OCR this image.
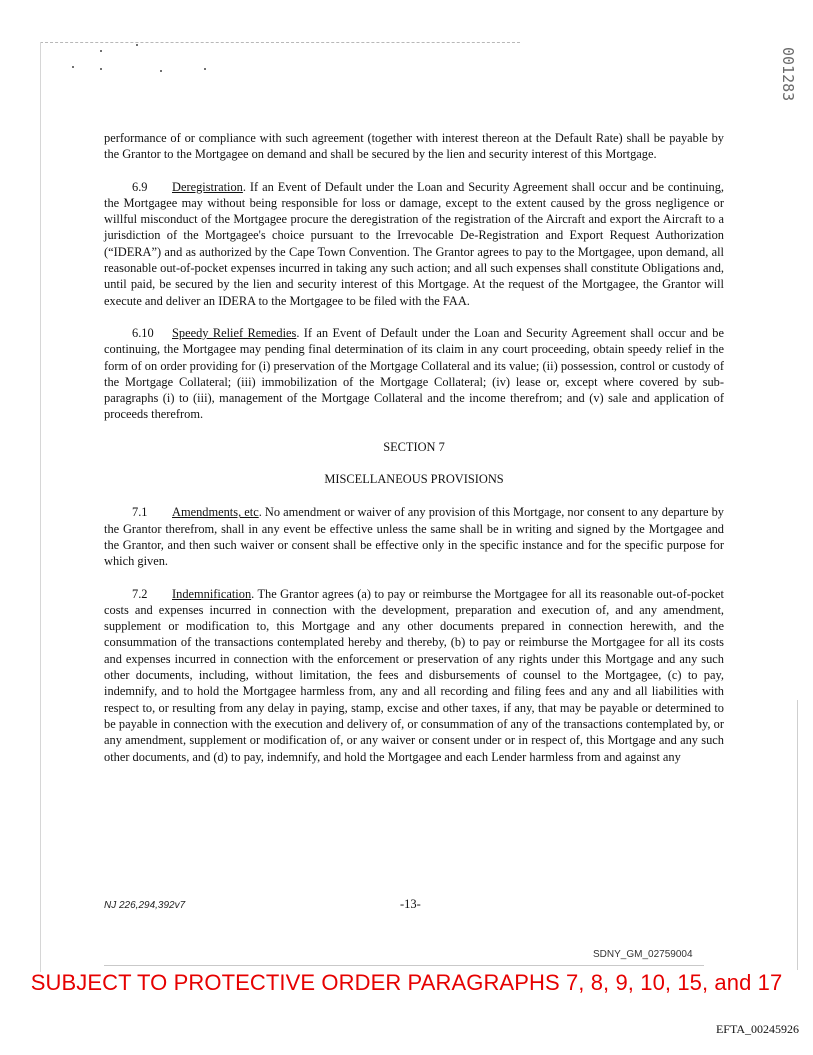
001283

performance of or compliance with such agreement (together with interest thereon at the Default Rate) shall be payable by the Grantor to the Mortgagee on demand and shall be secured by the lien and security interest of this Mortgage.

6.9 Deregistration. If an Event of Default under the Loan and Security Agreement shall occur and be continuing, the Mortgagee may without being responsible for loss or damage, except to the extent caused by the gross negligence or willful misconduct of the Mortgagee procure the deregistration of the registration of the Aircraft and export the Aircraft to a jurisdiction of the Mortgagee's choice pursuant to the Irrevocable De-Registration and Export Request Authorization (“IDERA”) and as authorized by the Cape Town Convention. The Grantor agrees to pay to the Mortgagee, upon demand, all reasonable out-of-pocket expenses incurred in taking any such action; and all such expenses shall constitute Obligations and, until paid, be secured by the lien and security interest of this Mortgage. At the request of the Mortgagee, the Grantor will execute and deliver an IDERA to the Mortgagee to be filed with the FAA.

6.10 Speedy Relief Remedies. If an Event of Default under the Loan and Security Agreement shall occur and be continuing, the Mortgagee may pending final determination of its claim in any court proceeding, obtain speedy relief in the form of on order providing for (i) preservation of the Mortgage Collateral and its value; (ii) possession, control or custody of the Mortgage Collateral; (iii) immobilization of the Mortgage Collateral; (iv) lease or, except where covered by sub-paragraphs (i) to (iii), management of the Mortgage Collateral and the income therefrom; and (v) sale and application of proceeds therefrom.

SECTION 7

MISCELLANEOUS PROVISIONS

7.1 Amendments, etc. No amendment or waiver of any provision of this Mortgage, nor consent to any departure by the Grantor therefrom, shall in any event be effective unless the same shall be in writing and signed by the Mortgagee and the Grantor, and then such waiver or consent shall be effective only in the specific instance and for the specific purpose for which given.

7.2 Indemnification. The Grantor agrees (a) to pay or reimburse the Mortgagee for all its reasonable out-of-pocket costs and expenses incurred in connection with the development, preparation and execution of, and any amendment, supplement or modification to, this Mortgage and any other documents prepared in connection herewith, and the consummation of the transactions contemplated hereby and thereby, (b) to pay or reimburse the Mortgagee for all its costs and expenses incurred in connection with the enforcement or preservation of any rights under this Mortgage and any such other documents, including, without limitation, the fees and disbursements of counsel to the Mortgagee, (c) to pay, indemnify, and to hold the Mortgagee harmless from, any and all recording and filing fees and any and all liabilities with respect to, or resulting from any delay in paying, stamp, excise and other taxes, if any, that may be payable or determined to be payable in connection with the execution and delivery of, or consummation of any of the transactions contemplated by, or any amendment, supplement or modification of, or any waiver or consent under or in respect of, this Mortgage and any such other documents, and (d) to pay, indemnify, and hold the Mortgagee and each Lender harmless from and against any

NJ 226,294,392v7	-13-
SDNY_GM_02759004
SUBJECT TO PROTECTIVE ORDER PARAGRAPHS 7, 8, 9, 10, 15, and 17
EFTA_00245926
